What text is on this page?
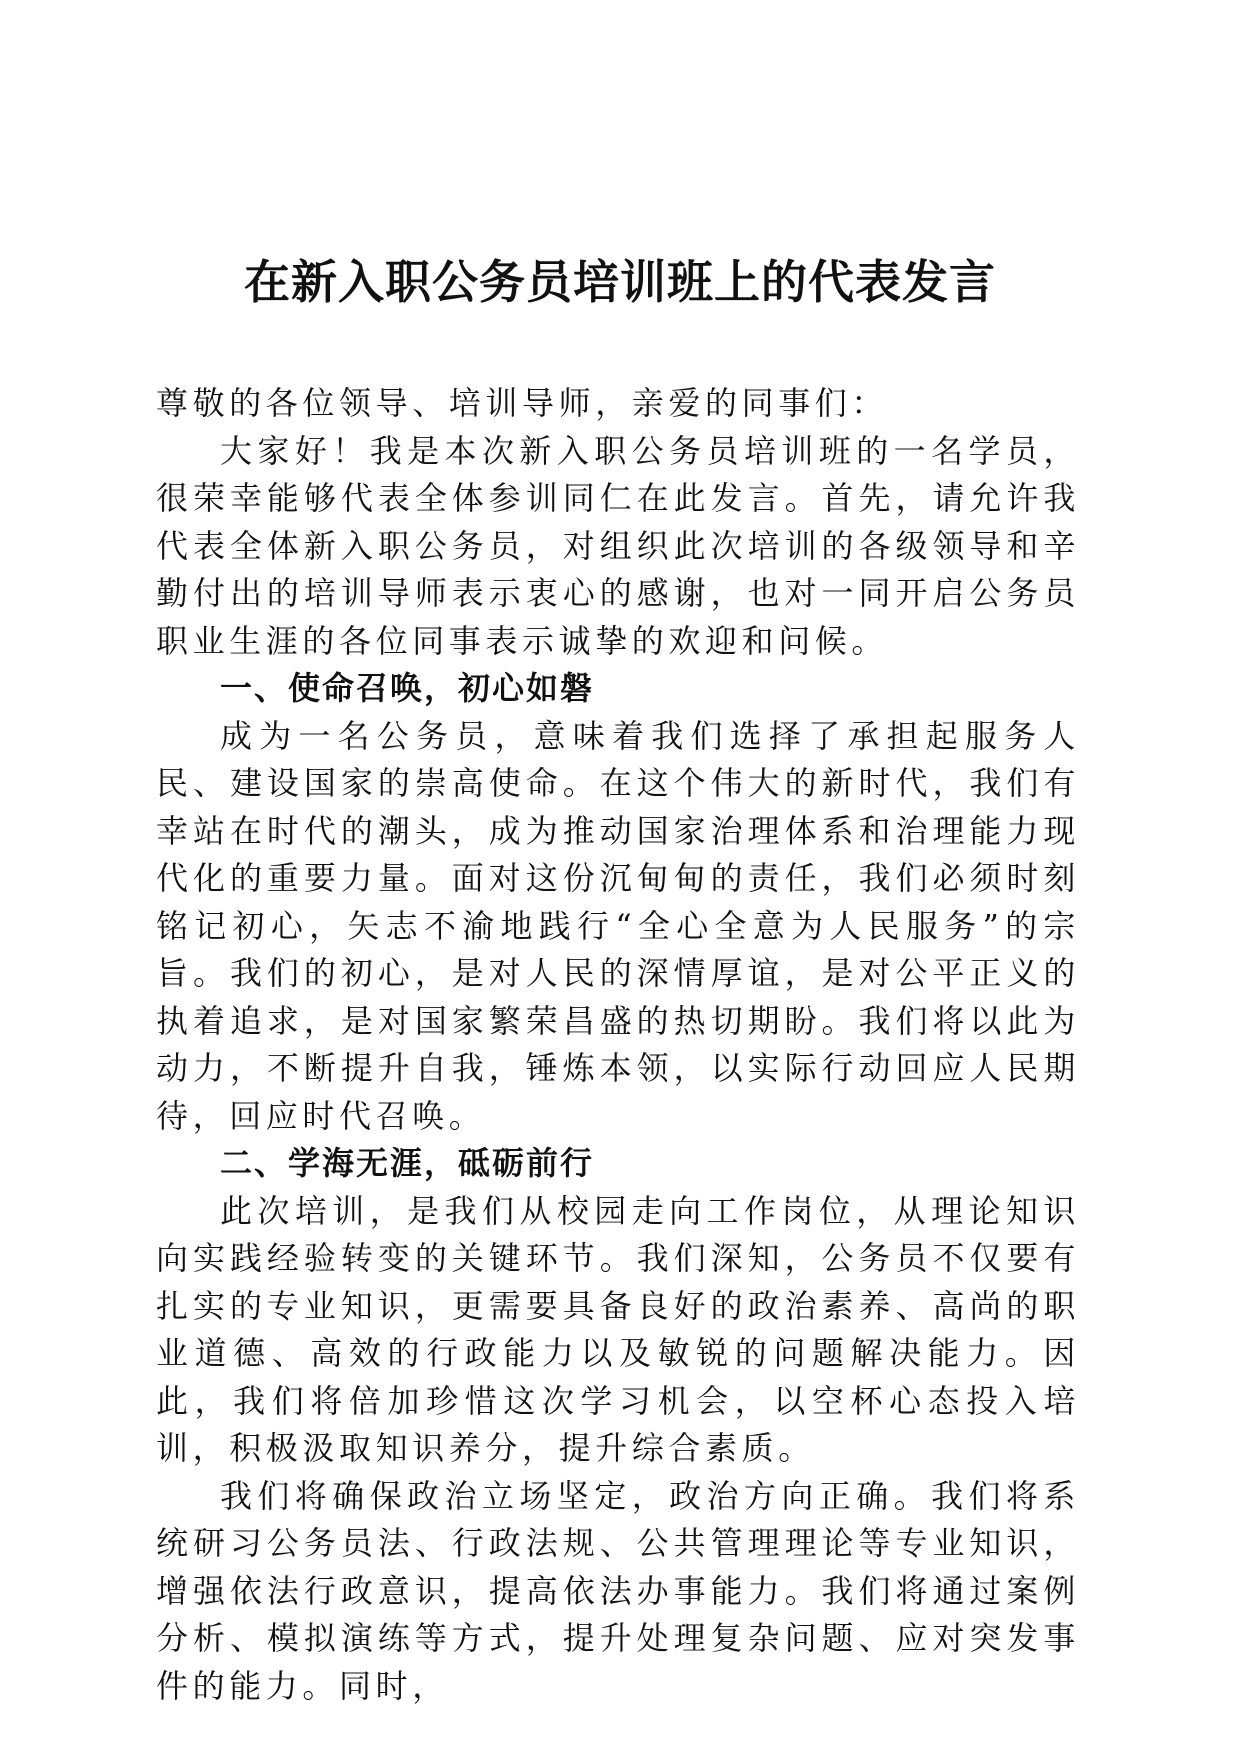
在新入职公务员培训班上的代表发言

尊敬的各位领导、培训导师，亲爱的同事们：

大家好！我是本次新入职公务员培训班的一名学员，很荣幸能够代表全体参训同仁在此发言。首先，请允许我代表全体新入职公务员，对组织此次培训的各级领导和辛勤付出的培训导师表示衷心的感谢，也对一同开启公务员职业生涯的各位同事表示诚挚的欢迎和问候。

一、使命召唤，初心如磐

成为一名公务员，意味着我们选择了承担起服务人民、建设国家的崇高使命。在这个伟大的新时代，我们有幸站在时代的潮头，成为推动国家治理体系和治理能力现代化的重要力量。面对这份沉甸甸的责任，我们必须时刻铭记初心，矢志不渝地践行“全心全意为人民服务”的宗旨。我们的初心，是对人民的深情厚谊，是对公平正义的执着追求，是对国家繁荣昌盛的热切期盼。我们将以此为动力，不断提升自我，锤炼本领，以实际行动回应人民期待，回应时代召唤。

二、学海无涯，砥砺前行

此次培训，是我们从校园走向工作岗位，从理论知识向实践经验转变的关键环节。我们深知，公务员不仅要有扎实的专业知识，更需要具备良好的政治素养、高尚的职业道德、高效的行政能力以及敏锐的问题解决能力。因此，我们将倍加珍惜这次学习机会，以空杯心态投入培训，积极汲取知识养分，提升综合素质。

我们将确保政治立场坚定，政治方向正确。我们将系统研习公务员法、行政法规、公共管理理论等专业知识，增强依法行政意识，提高依法办事能力。我们将通过案例分析、模拟演练等方式，提升处理复杂问题、应对突发事件的能力。同时，
